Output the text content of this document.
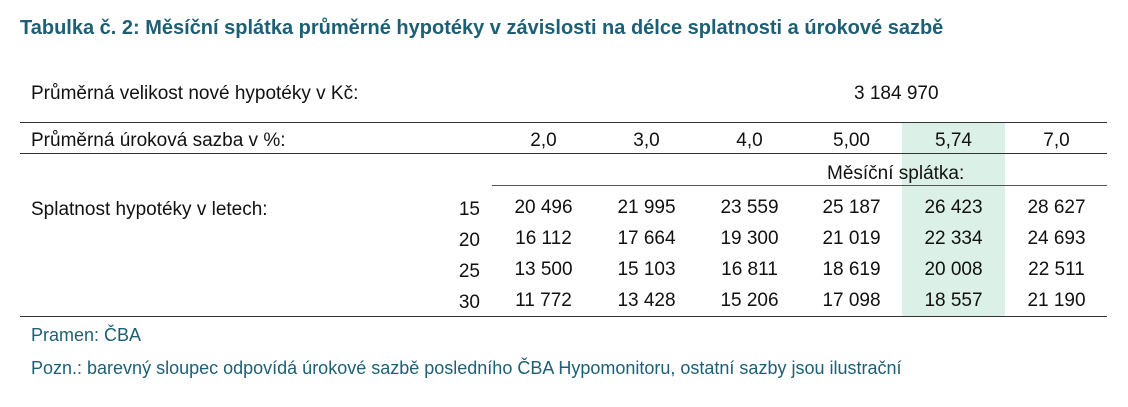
Tabulka č. 2: Měsíční splátka průměrné hypotéky v závislosti na délce splatnosti a úrokové sazbě
Průměrná velikost nové hypotéky v Kč:	3 184 970
Průměrná úroková sazba v %:	2,0	3,0	4,0	5,00	5,74	7,0
Měsíční splátka:
Splatnost hypotéky v letech:	15	20 496	21 995	23 559	25 187	26 423	28 627
20	16 112	17 664	19 300	21 019	22 334	24 693
25	13 500	15 103	16 811	18 619	20 008	22 511
30	11 772	13 428	15 206	17 098	18 557	21 190
Pramen: ČBA
Pozn.: barevný sloupec odpovídá úrokové sazbě posledního ČBA Hypomonitoru, ostatní sazby jsou ilustrační
